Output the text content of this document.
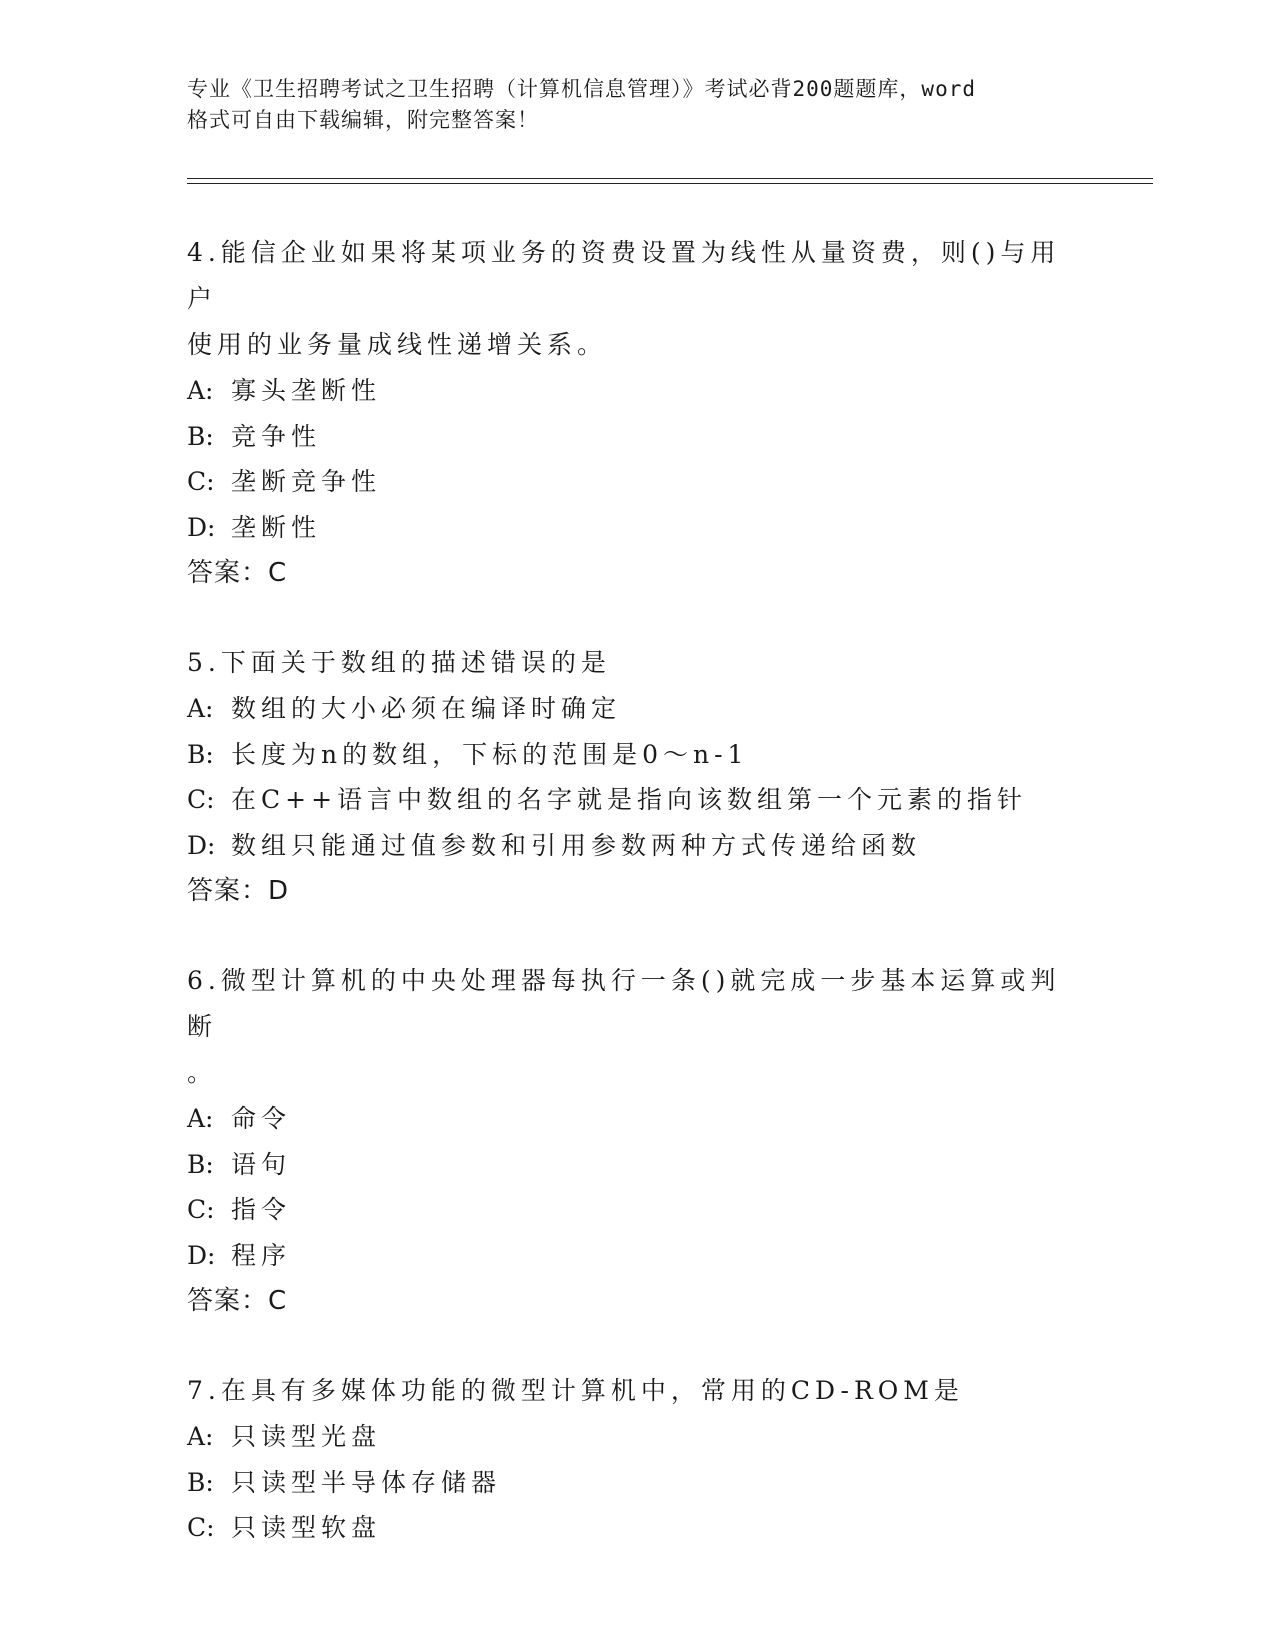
专业《卫生招聘考试之卫生招聘（计算机信息管理）》考试必背200题题库，word
格式可自由下载编辑，附完整答案！
4.能信企业如果将某项业务的资费设置为线性从量资费，则()与用户
使用的业务量成线性递增关系。
A: 寡头垄断性
B: 竞争性
C: 垄断竞争性
D: 垄断性
答案：C
5.下面关于数组的描述错误的是
A: 数组的大小必须在编译时确定
B: 长度为n的数组，下标的范围是0～n-1
C: 在C++语言中数组的名字就是指向该数组第一个元素的指针
D: 数组只能通过值参数和引用参数两种方式传递给函数
答案：D
6.微型计算机的中央处理器每执行一条()就完成一步基本运算或判断
。
A: 命令
B: 语句
C: 指令
D: 程序
答案：C
7.在具有多媒体功能的微型计算机中，常用的CD-ROM是
A: 只读型光盘
B: 只读型半导体存储器
C: 只读型软盘
